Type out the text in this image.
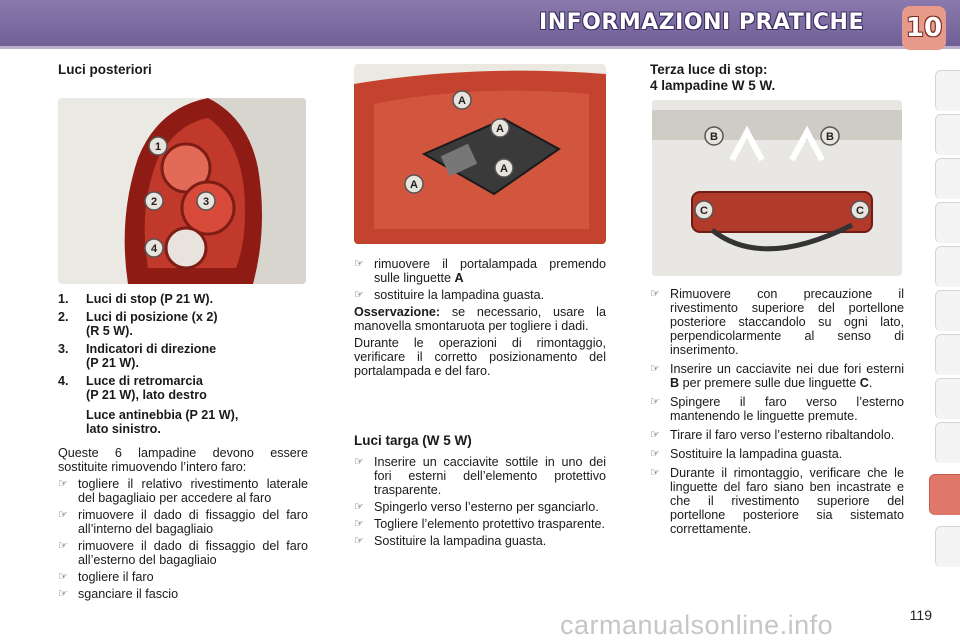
INFORMAZIONI PRATICHE 10
Luci posteriori
1
2	3
4
1. Luci di stop (P 21 W).
2. Luci di posizione (x 2)
(R 5 W).
3. Indicatori di direzione
(P 21 W).
4. Luce di retromarcia
(P 21 W), lato destro
Luce antinebbia (P 21 W),
lato sinistro.

Queste 6 lampadine devono essere sostituite rimuovendo l’intero faro:

☞ togliere il relativo rivestimento laterale del bagagliaio per accedere al faro
☞ rimuovere il dado di fissaggio del faro all’interno del bagagliaio
☞ rimuovere il dado di fissaggio del faro all’esterno del bagagliaio
☞ togliere il faro
☞ sganciare il fascio
A
A
A
A
☞ rimuovere il portalampada premendo sulle linguette A
☞ sostituire la lampadina guasta.

Osservazione: se necessario, usare la manovella smontaruota per togliere i dadi.

Durante le operazioni di rimontaggio, verificare il corretto posizionamento del portalampada e del faro.

Luci targa (W 5 W)
☞ Inserire un cacciavite sottile in uno dei fori esterni dell’elemento protettivo trasparente.
☞ Spingerlo verso l’esterno per sganciarlo.
☞ Togliere l’elemento protettivo trasparente.
☞ Sostituire la lampadina guasta.
Terza luce di stop:
4 lampadine W 5 W.
B	B
C	C
☞ Rimuovere con precauzione il rivestimento superiore del portellone posteriore staccandolo su ogni lato, perpendicolarmente al senso di inserimento.
☞ Inserire un cacciavite nei due fori esterni B per premere sulle due linguette C.
☞ Spingere il faro verso l’esterno mantenendo le linguette premute.
☞ Tirare il faro verso l’esterno ribaltandolo.
☞ Sostituire la lampadina guasta.
☞ Durante il rimontaggio, verificare che le linguette del faro siano ben incastrate e che il rivestimento superiore del portellone posteriore sia sistemato correttamente.
carmanualsonline.info	119
